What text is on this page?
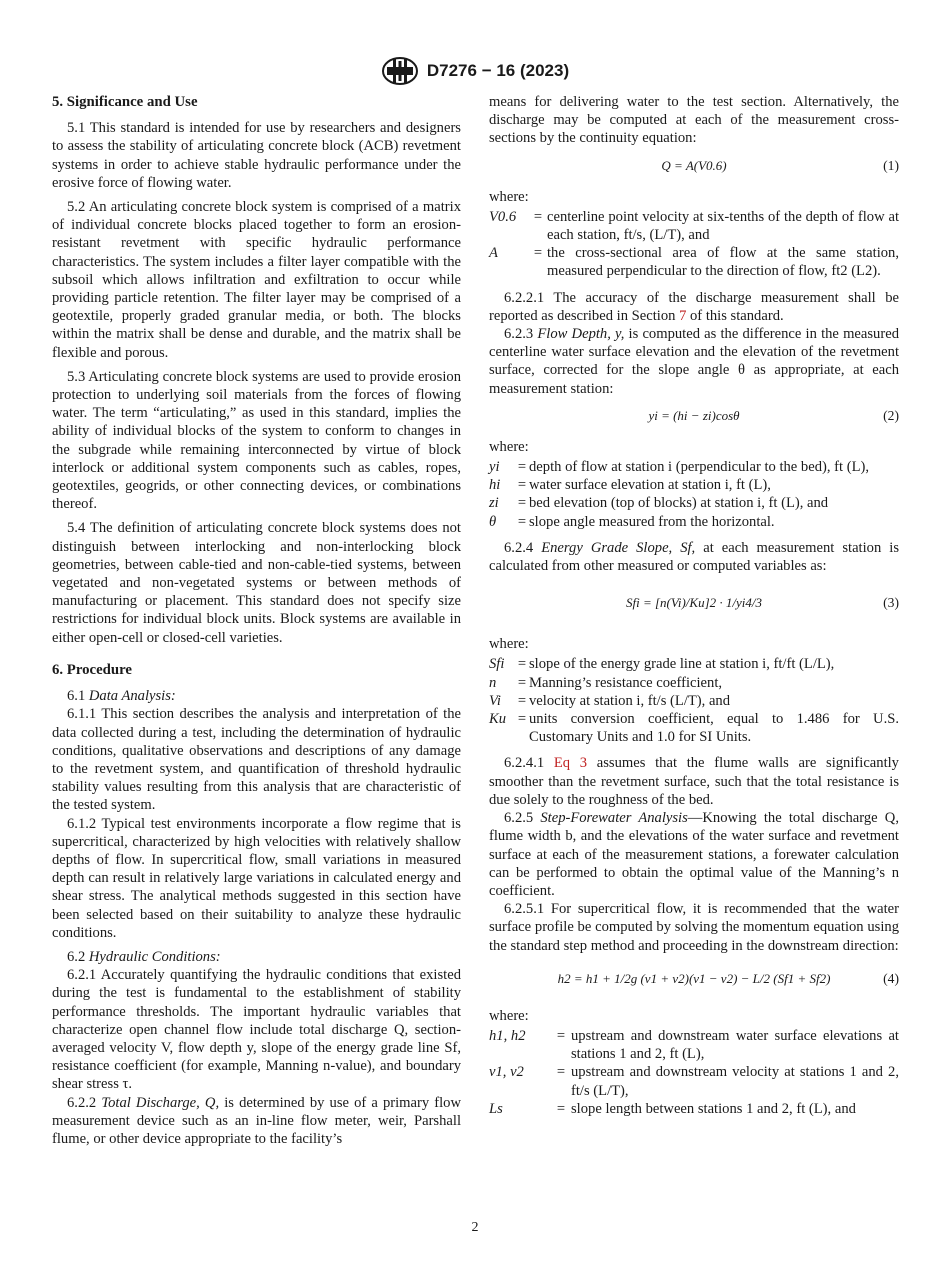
D7276 − 16 (2023)
5. Significance and Use

5.1 This standard is intended for use by researchers and designers to assess the stability of articulating concrete block (ACB) revetment systems in order to achieve stable hydraulic performance under the erosive force of flowing water.

5.2 An articulating concrete block system is comprised of a matrix of individual concrete blocks placed together to form an erosion-resistant revetment with specific hydraulic performance characteristics. The system includes a filter layer compatible with the subsoil which allows infiltration and exfiltration to occur while providing particle retention. The filter layer may be comprised of a geotextile, properly graded granular media, or both. The blocks within the matrix shall be dense and durable, and the matrix shall be flexible and porous.

5.3 Articulating concrete block systems are used to provide erosion protection to underlying soil materials from the forces of flowing water. The term “articulating,” as used in this standard, implies the ability of individual blocks of the system to conform to changes in the subgrade while remaining interconnected by virtue of block interlock or additional system components such as cables, ropes, geotextiles, geogrids, or other connecting devices, or combinations thereof.

5.4 The definition of articulating concrete block systems does not distinguish between interlocking and non-interlocking block geometries, between cable-tied and non-cable-tied systems, between vegetated and non-vegetated systems or between methods of manufacturing or placement. This standard does not specify size restrictions for individual block units. Block systems are available in either open-cell or closed-cell varieties.

6. Procedure

6.1 Data Analysis:

6.1.1 This section describes the analysis and interpretation of the data collected during a test, including the determination of hydraulic conditions, qualitative observations and descriptions of any damage to the revetment system, and quantification of threshold hydraulic stability values resulting from this analysis that are characteristic of the tested system.

6.1.2 Typical test environments incorporate a flow regime that is supercritical, characterized by high velocities with relatively shallow depths of flow. In supercritical flow, small variations in measured depth can result in relatively large variations in calculated energy and shear stress. The analytical methods suggested in this section have been selected based on their suitability to analyze these hydraulic conditions.

6.2 Hydraulic Conditions:

6.2.1 Accurately quantifying the hydraulic conditions that existed during the test is fundamental to the establishment of stability performance thresholds. The important hydraulic variables that characterize open channel flow include total discharge Q, section-averaged velocity V, flow depth y, slope of the energy grade line Sf, resistance coefficient (for example, Manning n-value), and boundary shear stress τ.

6.2.2 Total Discharge, Q, is determined by use of a primary flow measurement device such as an in-line flow meter, weir, Parshall flume, or other device appropriate to the facility’s

means for delivering water to the test section. Alternatively, the discharge may be computed at each of the measurement cross-sections by the continuity equation:

Q = A(V0.6)	(1)

where:

V0.6	=	centerline point velocity at six-tenths of the depth of flow at each station, ft/s, (L/T), and
A	=	the cross-sectional area of flow at the same station, measured perpendicular to the direction of flow, ft2 (L2).

6.2.2.1 The accuracy of the discharge measurement shall be reported as described in Section 7 of this standard.

6.2.3 Flow Depth, y, is computed as the difference in the measured centerline water surface elevation and the elevation of the revetment surface, corrected for the slope angle θ as appropriate, at each measurement station:

yi = (hi − zi)cosθ	(2)

where:

yi	=	depth of flow at station i (perpendicular to the bed), ft (L),
hi	=	water surface elevation at station i, ft (L),
zi	=	bed elevation (top of blocks) at station i, ft (L), and
θ	=	slope angle measured from the horizontal.

6.2.4 Energy Grade Slope, Sf, at each measurement station is calculated from other measured or computed variables as:

Sfi = [n(Vi)/Ku]2 · 1/yi4/3	(3)

where:

Sfi	=	slope of the energy grade line at station i, ft/ft (L/L),
n	=	Manning’s resistance coefficient,
Vi	=	velocity at station i, ft/s (L/T), and
Ku	=	units conversion coefficient, equal to 1.486 for U.S. Customary Units and 1.0 for SI Units.

6.2.4.1 Eq 3 assumes that the flume walls are significantly smoother than the revetment surface, such that the total resistance is due solely to the roughness of the bed.

6.2.5 Step-Forewater Analysis—Knowing the total discharge Q, flume width b, and the elevations of the water surface and revetment surface at each of the measurement stations, a forewater calculation can be performed to obtain the optimal value of the Manning’s n coefficient.

6.2.5.1 For supercritical flow, it is recommended that the water surface profile be computed by solving the momentum equation using the standard step method and proceeding in the downstream direction:

h2 = h1 + 1/2g (v1 + v2)(v1 − v2) − L/2 (Sf1 + Sf2)	(4)

where:

h1, h2	=	upstream and downstream water surface elevations at stations 1 and 2, ft (L),
v1, v2	=	upstream and downstream velocity at stations 1 and 2, ft/s (L/T),
Ls	=	slope length between stations 1 and 2, ft (L), and
2
